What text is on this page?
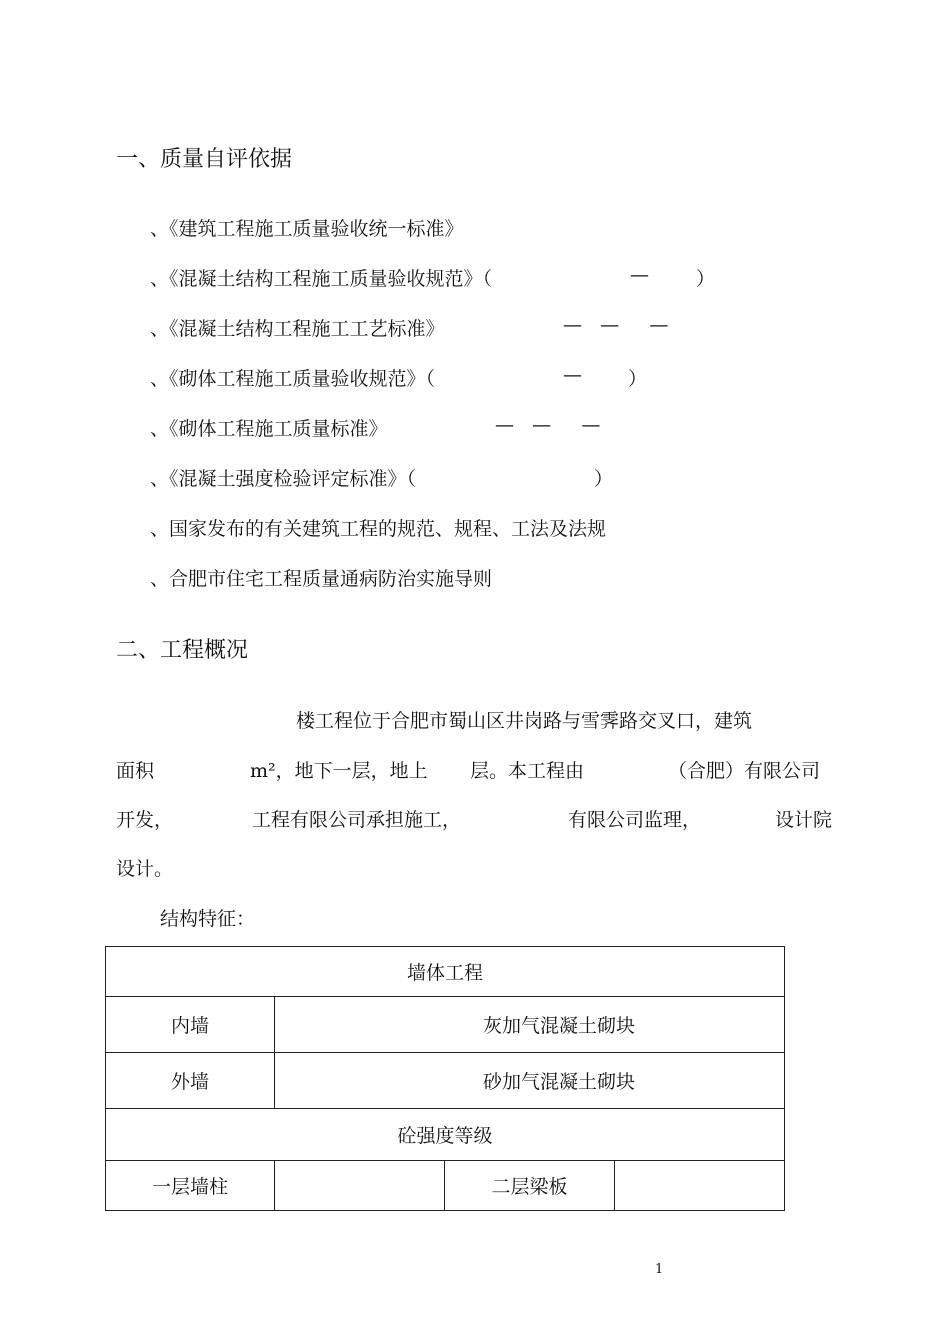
一、质量自评依据
、《建筑工程施工质量验收统一标准》
、《混凝土结构工程施工质量验收规范》（	— ）
、《混凝土结构工程施工工艺标准》	—   —     —
、《砌体工程施工质量验收规范》（	— ）
、《砌体工程施工质量标准》	—   —     —
、《混凝土强度检验评定标准》（	）
、国家发布的有关建筑工程的规范、规程、工法及法规
、合肥市住宅工程质量通病防治实施导则
二、工程概况
楼工程位于合肥市蜀山区井岗路与雪霁路交叉口，建筑
面积	m²，地下一层，地上 层。本工程由	（合肥）有限公司
开发，	工程有限公司承担施工，	有限公司监理，	设计院
设计。
结构特征：
墙体工程			
内墙	灰加气混凝土砌块		
外墙	砂加气混凝土砌块		
砼强度等级			
一层墙柱		二层梁板	
1
